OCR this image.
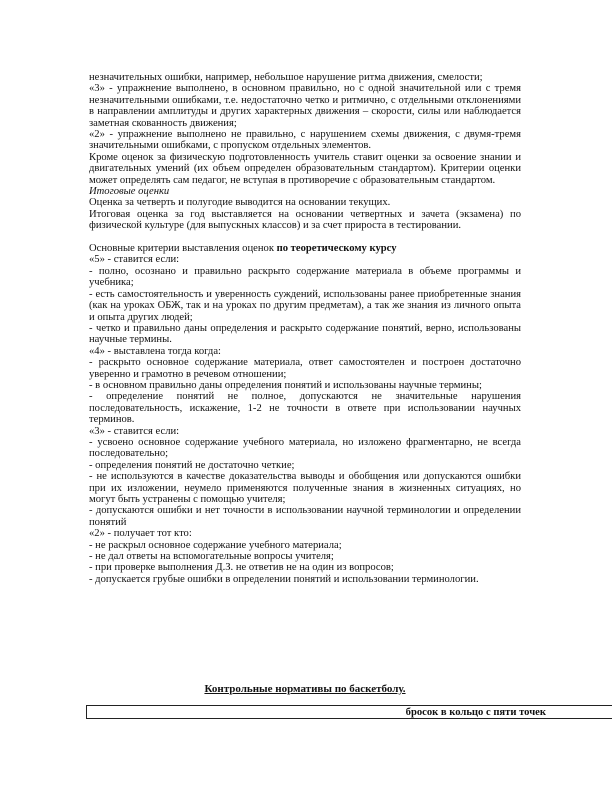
незначительных ошибки, например, небольшое нарушение ритма движения, смелости;

«3» - упражнение выполнено, в основном правильно, но с одной значительной или с тремя незначительными ошибками, т.е. недостаточно четко и ритмично, с отдельными отклонениями в направлении амплитуды и других характерных движения – скорости, силы или наблюдается заметная скованность движения;

«2» - упражнение выполнено не правильно, с нарушением схемы движения, с двумя-тремя значительными ошибками, с пропуском отдельных элементов.

Кроме оценок за физическую подготовленность учитель ставит оценки за освоение знании и двигательных умений (их объем определен образовательным стандартом). Критерии оценки может определять сам педагог, не вступая в противоречие с образовательным стандартом.

Итоговые оценки

Оценка за четверть и полугодие выводится на основании текущих.

Итоговая оценка за год выставляется на основании четвертных и зачета (экзамена) по физической культуре (для выпускных классов) и за счет прироста в тестировании.

Основные критерии выставления оценок по теоретическому курсу

«5» - ставится если:

- полно, осознано и правильно раскрыто содержание материала в объеме программы и учебника;

- есть самостоятельность и уверенность суждений, использованы ранее приобретенные знания (как на уроках ОБЖ, так и на уроках по другим предметам), а так же знания из личного опыта и опыта других людей;

- четко и правильно даны определения и раскрыто содержание понятий, верно, использованы научные термины.

«4» - выставлена тогда когда:

- раскрыто основное содержание материала, ответ самостоятелен и построен достаточно уверенно и грамотно в речевом отношении;

- в основном правильно даны определения понятий и использованы научные термины;

- определение понятий не полное, допускаются не значительные нарушения последовательность, искажение, 1-2 не точности в ответе при использовании научных терминов.

«3» - ставится если:

- усвоено основное содержание учебного материала, но изложено фрагментарно, не всегда последовательно;

- определения понятий не достаточно четкие;

- не используются в качестве доказательства выводы и обобщения или допускаются ошибки при их изложении, неумело применяются полученные знания в жизненных ситуациях, но могут быть устранены с помощью учителя;

- допускаются ошибки и нет точности в использовании научной терминологии и определении понятий

«2» - получает тот кто:

- не раскрыл основное содержание учебного материала;

- не дал ответы на вспомогательные вопросы учителя;

- при проверке выполнения Д.З. не ответив не на один из вопросов;

- допускается грубые ошибки в определении понятий и использовании терминологии.

Контрольные нормативы по баскетболу.
бросок в кольцо с пяти точек
